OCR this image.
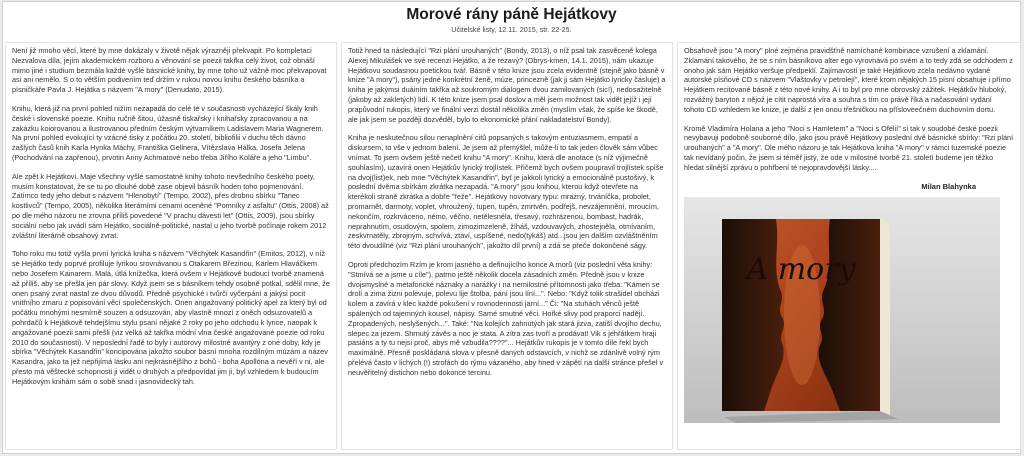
Morové rány páně Hejátkovy
Učitelské listy, 12.11. 2015, str. 22-25.

Není již mnoho věcí, které by mne dokázaly v životě nějak výrazněji překvapit. Po kompletaci Nezvalova díla, jejím akademickém rozboru a věnování se poezii takřka celý život, což obnáší mimo jiné i studium bezmála každé vyšlé básnické knihy, by mne toho už vážně moc překvapovat asi ani nemělo. S o to větším podivením teď držím v rukou novou knihu českého básníka a písničkáře Pavla J. Hejátka s názvem "A mory" (Denudato, 2015).

Knihu, která již na první pohled nižím nezapadá do celé té v současnosti vycházející škály knih české i slovenské poezie. Knihu ručně šitou, úžasně tiskařsky i knihařsky zpracovanou a na zakázku koiorovanou a ilustrovanou předním českým výtvarníkem Ladislavem Maria Wagnerem. Na první pohled evokující ty vzácné tisky z počátku 20. století, bibliofilii v duchu těch dávno zašlých časů knih Karla Hynka Máchy, Františka Gellnera, Vítězslava Hálka, Josefa Jelena (Pochodvání na zapřenou), prvotin Anny Achmatové nebo třeba Jiřího Koláře a jeho "Limbu".

Ale zpět k Hejátkovi. Maje všechny vyšlé samostatné knihy tohoto nevšedního českého poety, musím konstatovat, že se tu po dlouhé době zase objevil básník hoden toho pojmenování. Zatímco tedy jeho debut s názvem "Hlenobytí" (Tempo, 2002), přes drobnu sbírku "Tanec kostlivců" (Tempo, 2005), několika literárními cenami oceněné "Pomníky z asfaltu" (Ottis, 2008) až po dle mého názoru ne zrovna příliš povedené "V prachu dávesti let" (Ottis, 2009), jsou sbírky sociální nebo jak uvádí sám Hejátko, sociálně-politické, nastal u jeho tvorbě počínaje rokem 2012 zvláštní literárně obsahový zvrat.

Toho roku mu totiž vyšla první lyrická kniha s názvem "Věchýtek Kasandřin" (Emitos, 2012), v níž se Hejátko tedy poprvé profiluje lyrikou srovnávanou s Otakarem Březinou, Karlem Hlaváčkem nebo Josefem Kainarem. Malá, útlá knížečka, která ovšem v Hejátkově budoucí tvorbě znamená až příliš, aby se přešla jen pár slovy. Když jsem se s básníkem tehdy osobně potkal, sdělil mne, že onen psaný zvrat nastal ze dvou důvodů. Předně psychické i tvůrčí vyčerpání a jakýsi pocit vnitřního zmaru z popisování věcí společenských. Onen angažovaný politický apel za který byl od počátku mnohými nesmírně souzen a odsuzován, aby vlastně mnozí z oněch odsuzovatelů a pohrdačů k Hejátkově tehdejšímu stylu psaní nějaké 2 roky po jeho odchodu k lyrice, naopak k angažované poezii sami přešli (viz velká až takřka módní vlna české angažované poezie od roku 2010 do současnosti). V neposlední řadě to byly i autorovy milostné avantýry z oné doby, kdy je sbírka "Věchýtek Kasandřin" koncipována jakožto soubor básní mnoha rozdílným múzám a název Kasandra, jako ta jež nepřijímá lásku ani nejkrásnějšího z bohů - boha Apollóna a nevěří v ni, ale přesto má věštecké schopnosti ji vidět u druhých a předpovídat jim ji, byl vzhledem k budoucím Hejátkovým knihám sám o sobě snad i jasnovidecký tah.

Totiž hned ta následující "Rzi plání urouhaných" (Bondy, 2013), o níž psal tak zasvěceně kolega Alexej Mikulášek ve své recenzi Hejátko, a že rezavý? (Obrys-kmen, 14.1. 2015), nám ukazuje Hejátkovu soudasnou poetickou tvář. Básně v této knize jsou zcela evidentně (stejně jako básně v knize "A mory"), psány jedné konkrétní ženě, múze, princezně (jak ji sám Hejátko lyricky čásluje) a kniha je jakýmsi duáiním takřka až soukromým dialogem dvou zamilovaných (sic!), nedosažitelně (jakoby až zakletých) lidí. K této knize jsem psal doslov a měl jsem možnost tak vidět jejíž i její prapůvodní rukopis, který ve finální verzi dostál několika změn (myslím však, že spíše ke škodě, ale jak jsem se později dozvěděl, bylo to ekonomické přání nakladatelství Bondy).

Kniha je neskutečnou silou nenaplnění citů popsaných s takovým entuziasmem, empatií a diskursem, to vše v jednom balení. Je jsem až přemýšlel, může-li to tak jeden člověk sám vůbec vnímat. To jsem ovšem ještě nečetl knihu "A mory". Knihu, která dle anotace (s níž výjimečně souhlasím), uzavírá onen Hejátkův lyrický trojlístek. Přičemž bych ovšem poupravil trojlístek spíše na dvoj(list)ek, neb mne "Věchýtek Kasandřin", byť je jakkoli lyrický a emocionálně pustošivý, k poslední dvěma sbírkám zkrátka nezapadá. "A mory" jsou knihou, kterou když otevřete na kterékoli straně zkrátka a dobře "řeže". Hejátkovy novotvary typu: mrazný, trváníčka, probolet, promarnět, darmoty, voplet, vhroužený, tupen, tupěn, zmrtvěn, podřejš, nevzájemnění, mroucím, nekončím, rozkrváceno, némo, věčno, netělesnéla, třesavý, rozhrázenou, bombast, hadrák, neprahnutím, osudovým, spolem, zimozimzeleně, žíháš, vzdouvavých, zhostejněla, otmívaním, zeskvrnatěly, zbrojným, schvívá, ztaví, uspíšené, nedo(tykáš) atd...jsou jen dalším ozvláštněním této dvoudílné (viz "Rzi plání urouhaných", jakožto díl první) a zdá se přeče dokončené ságy.

Oproti předchozím Rzím je krom jasného a definujícího konce A morů (viz poslední věta knihy: "Stmívá se a jsme u cíle"), patrno ještě několik docela zásadních změn. Předně jsou v knize dvojsmyslné a metaforické náznaky a narážky i na nemilostné přítomnosti jako třeba: "Kámen se drolí a zima žizni polevuje, polevu lije štolba, pání jsou líní...". Nebo: "Když tolik strašidel obcházi kolem a zavírá v klec každé pokušení v rovnodennosti jarní..." Či: "Na stuhách věnců ještě spálených od tajemných kousel, nápisy. Samé smutné věci. Hořké slivy pod praporci nadějí. Zpropadených, neslyšených...". Také: "Na kolejích zahnutých jak stará jizva, zatiší dvojího dechu, slepec za jezem. Shrnutý závěs a noc je stata. A zítra zas tvoří a prodávat! Vik s jehřátkem hraji pasiáns a ty tu nejsi proč, abys mě vzbudila????"... Hejátkův rukopis je v tomto díle řekl bych maximálně. Přesně poskládaná slova v přesně daných odstavcích, v nichž se zdánlivě volný rým přelévá často v lichých (!) strofách do rýmu vázaného, aby hned v zápětí na další stránce přešel v neuvěřitelný distichon nebo dokonce tercinu.

Obsahově jsou "A mory" plné zejména pravidšťně namíchané kombinace vzrušení a zklamání. Zklamání takového, že se s ním básníkovo alter ego vyrovnává po svém a to tedy zdá se odchodem z onoho jak sám Hejátko veršuje předpeklí. Zajímavostí je také Hejátkovo zcela nedávno vydané autorské písňové CD s názvem "Vlaštovky v petrolejí", které krom nějakých 15 písní obsahuje i přímo Hejátkem recitované básně z této nové knihy. A i to byl pro mne obrovský zážitek. Hejátkův hluboký, rozvážný baryton z nějož je cítit naprostá víra a souhra s tím co právě říká a načasování vydání tohoto CD vzhledem ke knize, je další z jen onou třešničkou na přísloveečném duchovním dortu.

Kromě Vladimíra Holana a jeho "Noci s Hamletem" a "Noci s Ofélií" si tak v soudobé české poezii nevybavuji podobně souborné dílo, jako jsou právě Hejátkovy poslední dvě básnické sbírky: "Rzi plání urouhaných" a "A mory". Dle mého názoru je tak Hejátkova kniha "A mory" v rámci tuzemské poezie tak nevídaný počin, že jsem si téměř jistý, že ode v milostné tvorbě 21. století budeme jen těžko hledat silnější zprávu o pohřbení té nejopravdovější lásky....

Milan Blahynka
A mory
